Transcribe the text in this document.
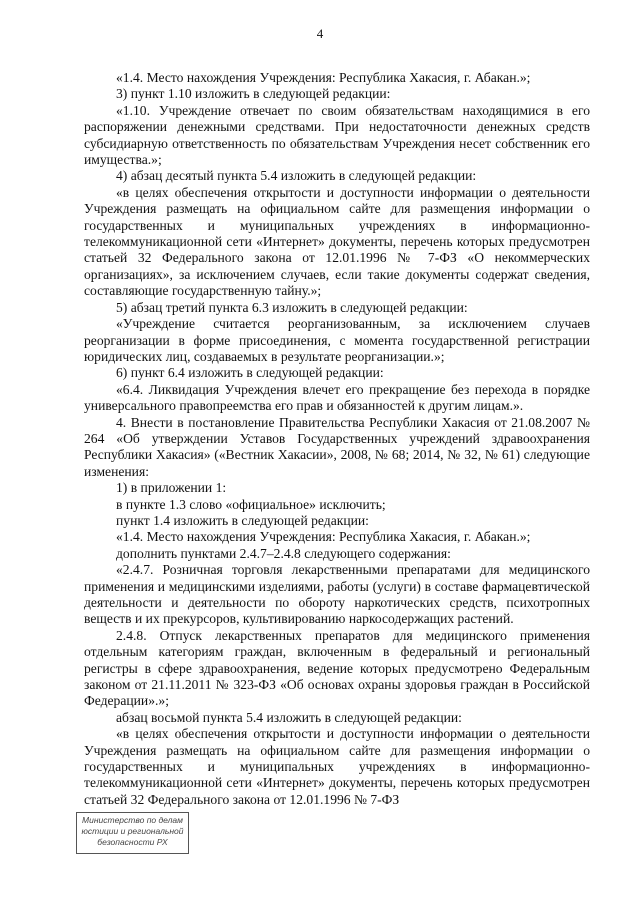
4

«1.4. Место нахождения Учреждения: Республика Хакасия, г. Абакан.»;

3) пункт 1.10 изложить в следующей редакции:

«1.10. Учреждение отвечает по своим обязательствам находящимися в его распоряжении денежными средствами. При недостаточности денежных средств субсидиарную ответственность по обязательствам Учреждения несет собственник его имущества.»;

4) абзац десятый пункта 5.4 изложить в следующей редакции:

«в целях обеспечения открытости и доступности информации о деятельности Учреждения размещать на официальном сайте для размещения информации о государственных и муниципальных учреждениях в информационно-телекоммуникационной сети «Интернет» документы, перечень которых предусмотрен статьей 32 Федерального закона от 12.01.1996 № 7-ФЗ «О некоммерческих организациях», за исключением случаев, если такие документы содержат сведения, составляющие государственную тайну.»;

5) абзац третий пункта 6.3 изложить в следующей редакции:

«Учреждение считается реорганизованным, за исключением случаев реорганизации в форме присоединения, с момента государственной регистрации юридических лиц, создаваемых в результате реорганизации.»;

6) пункт 6.4 изложить в следующей редакции:

«6.4. Ликвидация Учреждения влечет его прекращение без перехода в порядке универсального правопреемства его прав и обязанностей к другим лицам.».

4. Внести в постановление Правительства Республики Хакасия от 21.08.2007 № 264 «Об утверждении Уставов Государственных учреждений здравоохранения Республики Хакасия» («Вестник Хакасии», 2008, № 68; 2014, № 32, № 61) следующие изменения:

1) в приложении 1:

в пункте 1.3 слово «официальное» исключить;

пункт 1.4 изложить в следующей редакции:

«1.4. Место нахождения Учреждения: Республика Хакасия, г. Абакан.»;

дополнить пунктами 2.4.7–2.4.8 следующего содержания:

«2.4.7. Розничная торговля лекарственными препаратами для медицинского применения и медицинскими изделиями, работы (услуги) в составе фармацевтической деятельности и деятельности по обороту наркотических средств, психотропных веществ и их прекурсоров, культивированию наркосодержащих растений.

2.4.8. Отпуск лекарственных препаратов для медицинского применения отдельным категориям граждан, включенным в федеральный и региональный регистры в сфере здравоохранения, ведение которых предусмотрено Федеральным законом от 21.11.2011 № 323-ФЗ «Об основах охраны здоровья граждан в Российской Федерации».»;

абзац восьмой пункта 5.4 изложить в следующей редакции:

«в целях обеспечения открытости и доступности информации о деятельности Учреждения размещать на официальном сайте для размещения информации о государственных и муниципальных учреждениях в информационно-телекоммуникационной сети «Интернет» документы, перечень которых предусмотрен статьей 32 Федерального закона от 12.01.1996 № 7-ФЗ

Министерство по делам
юстиции и региональной
безопасности РХ
